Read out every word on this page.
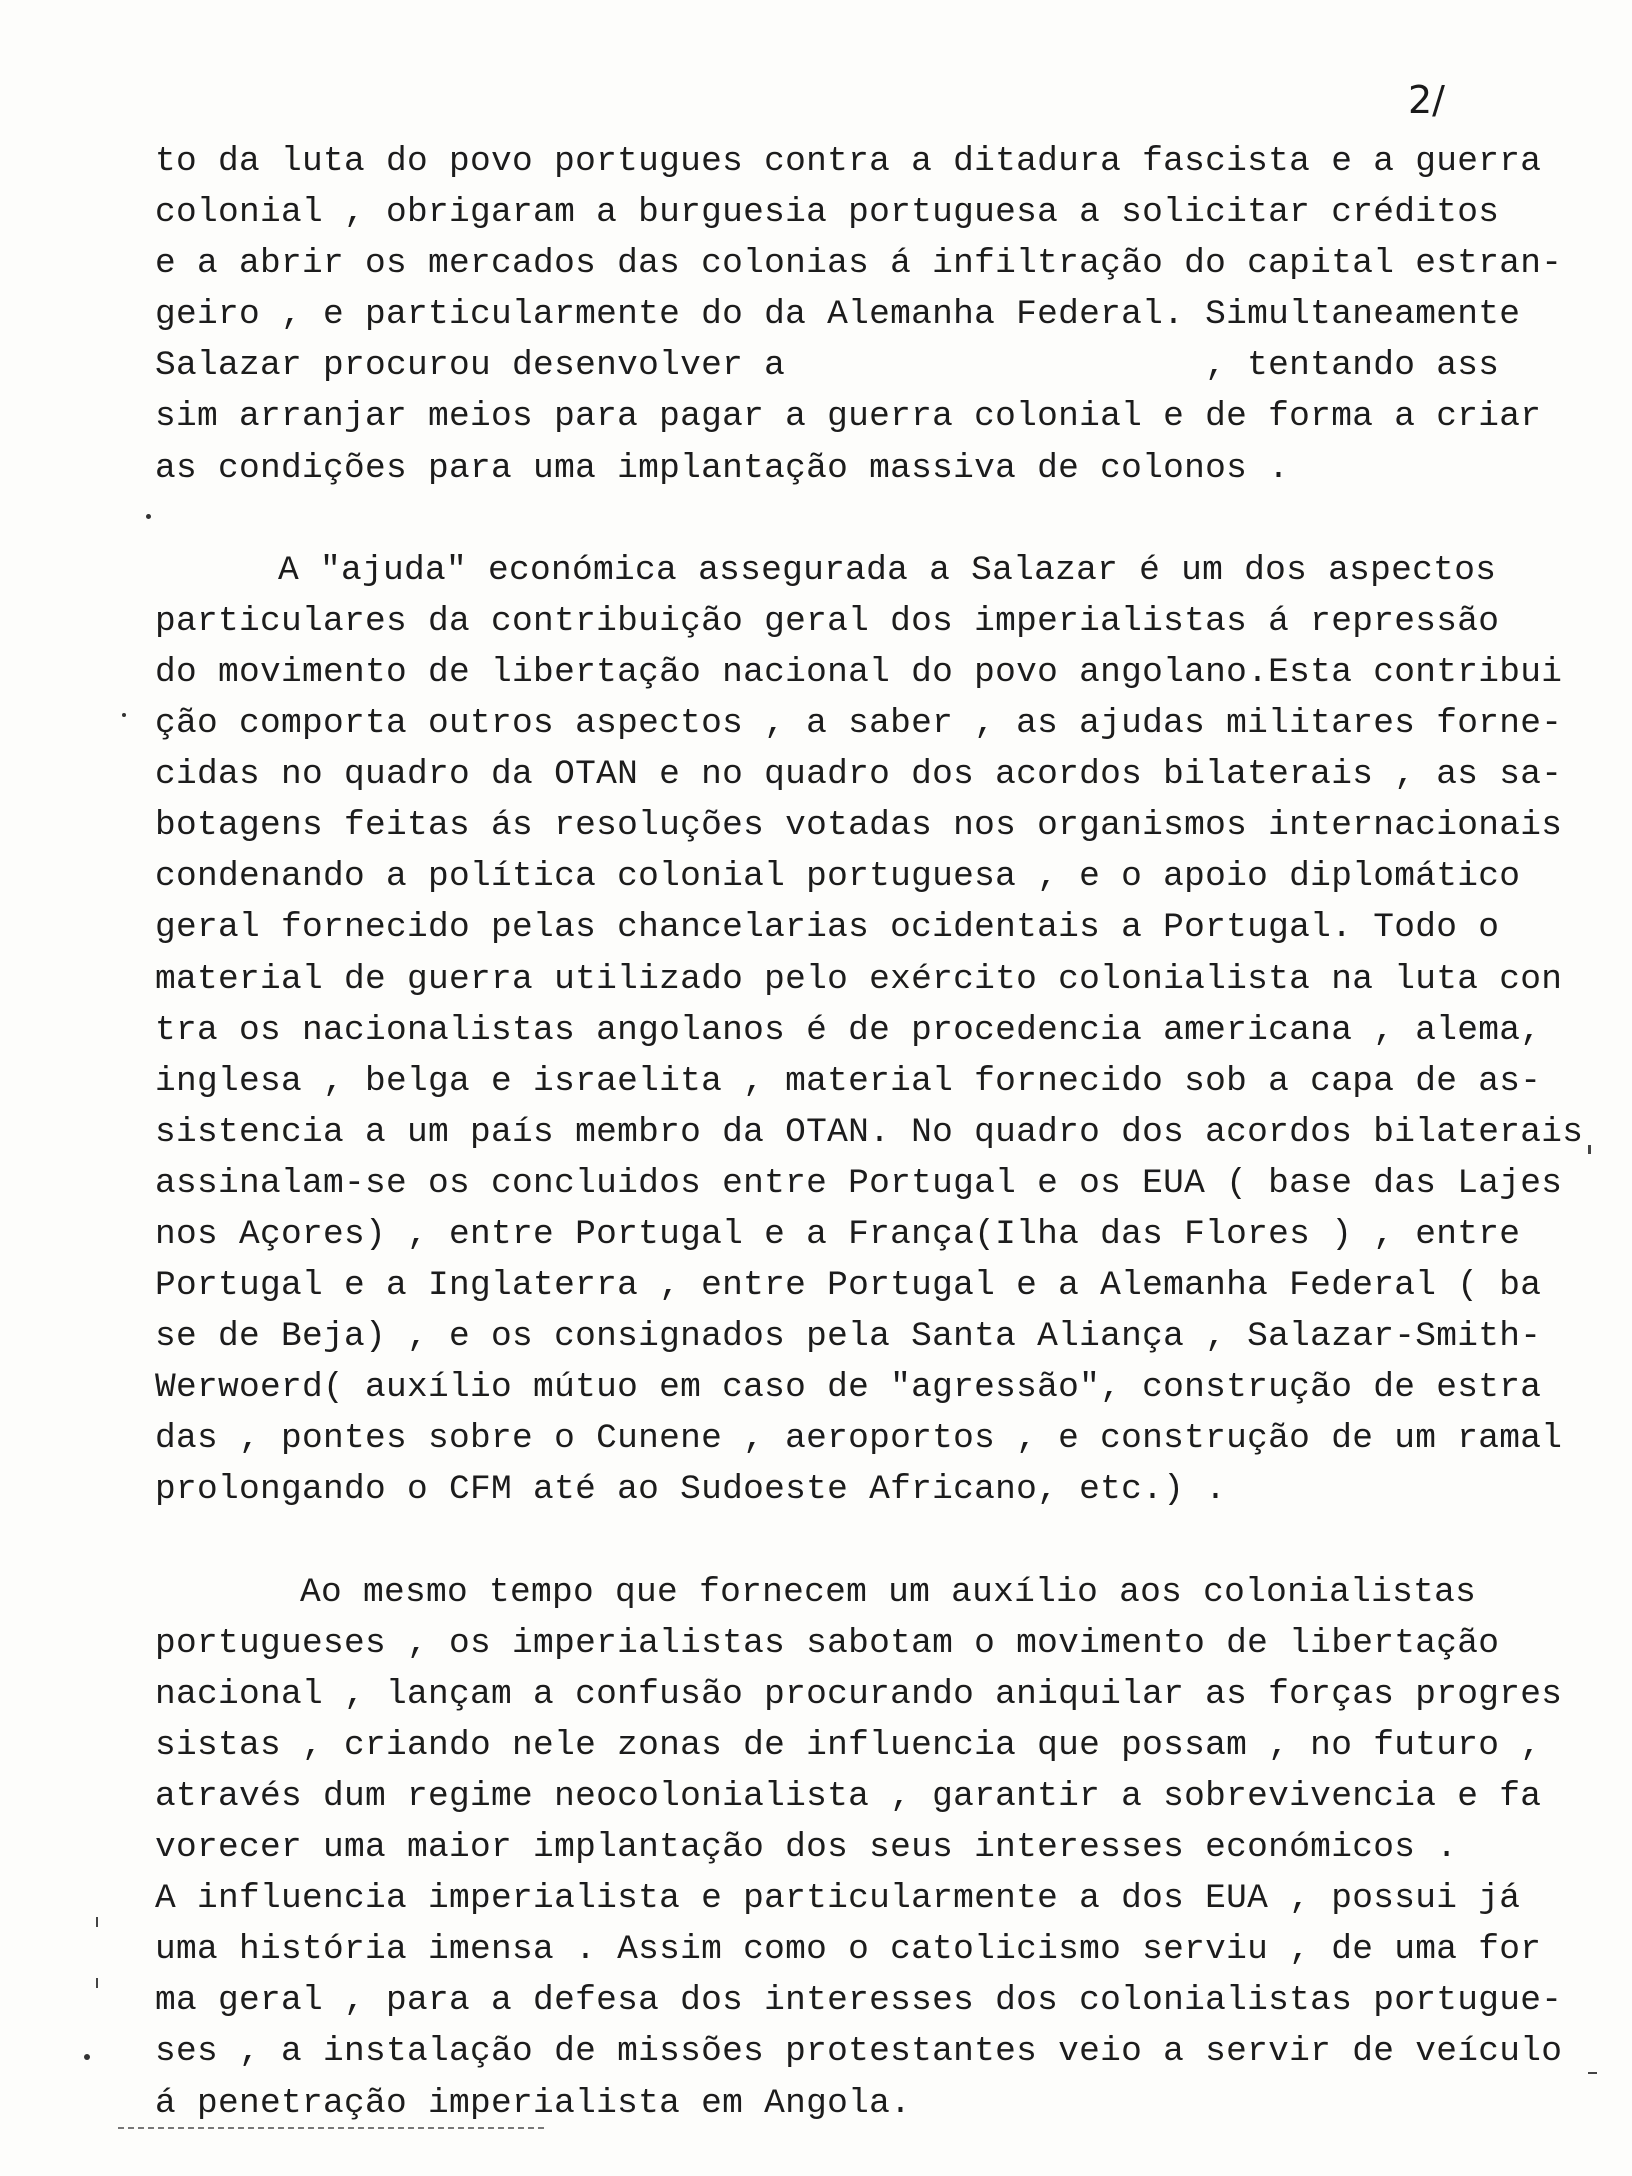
2/
to da luta do povo portugues contra a ditadura fascista e a guerra
colonial , obrigaram a burguesia portuguesa a solicitar créditos
e a abrir os mercados das colonias á infiltração do capital estran-
geiro , e particularmente do da Alemanha Federal. Simultaneamente
Salazar procurou desenvolver a                    , tentando ass
sim arranjar meios para pagar a guerra colonial e de forma a criar
as condições para uma implantação massiva de colonos .
A "ajuda" económica assegurada a Salazar é um dos aspectos
particulares da contribuição geral dos imperialistas á repressão
do movimento de libertação nacional do povo angolano.Esta contribui
ção comporta outros aspectos , a saber , as ajudas militares forne-
cidas no quadro da OTAN e no quadro dos acordos bilaterais , as sa-
botagens feitas ás resoluções votadas nos organismos internacionais
condenando a política colonial portuguesa , e o apoio diplomático
geral fornecido pelas chancelarias ocidentais a Portugal. Todo o
material de guerra utilizado pelo exército colonialista na luta con
tra os nacionalistas angolanos é de procedencia americana , alema,
inglesa , belga e israelita , material fornecido sob a capa de as-
sistencia a um país membro da OTAN. No quadro dos acordos bilaterais
assinalam-se os concluidos entre Portugal e os EUA ( base das Lajes
nos Açores) , entre Portugal e a França(Ilha das Flores ) , entre
Portugal e a Inglaterra , entre Portugal e a Alemanha Federal ( ba
se de Beja) , e os consignados pela Santa Aliança , Salazar-Smith-
Werwoerd( auxílio mútuo em caso de "agressão", construção de estra
das , pontes sobre o Cunene , aeroportos , e construção de um ramal
prolongando o CFM até ao Sudoeste Africano, etc.) .
Ao mesmo tempo que fornecem um auxílio aos colonialistas
portugueses , os imperialistas sabotam o movimento de libertação
nacional , lançam a confusão procurando aniquilar as forças progres
sistas , criando nele zonas de influencia que possam , no futuro ,
através dum regime neocolonialista , garantir a sobrevivencia e fa
vorecer uma maior implantação dos seus interesses económicos .
A influencia imperialista e particularmente a dos EUA , possui já
uma história imensa . Assim como o catolicismo serviu , de uma for
ma geral , para a defesa dos interesses dos colonialistas portugue-
ses , a instalação de missões protestantes veio a servir de veículo
á penetração imperialista em Angola.
